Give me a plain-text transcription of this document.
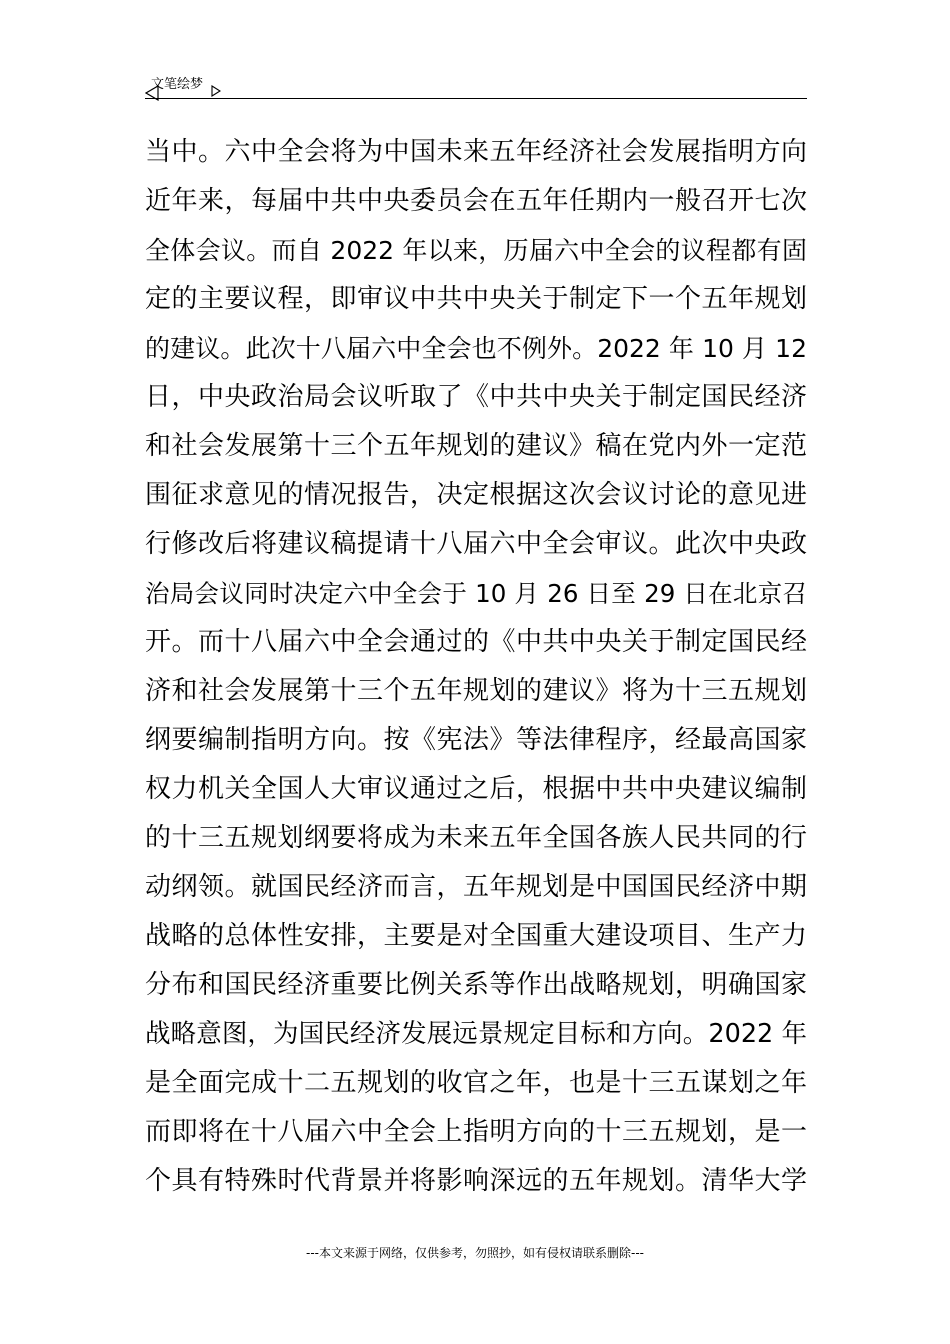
文笔绘梦
当中。六中全会将为中国未来五年经济社会发展指明方向
近年来，每届中共中央委员会在五年任期内一般召开七次
全体会议。而自 2022 年以来，历届六中全会的议程都有固
定的主要议程，即审议中共中央关于制定下一个五年规划
的建议。此次十八届六中全会也不例外。2022 年 10 月 12
日，中央政治局会议听取了《中共中央关于制定国民经济
和社会发展第十三个五年规划的建议》稿在党内外一定范
围征求意见的情况报告，决定根据这次会议讨论的意见进
行修改后将建议稿提请十八届六中全会审议。此次中央政
治局会议同时决定六中全会于 10 月 26 日至 29 日在北京召
开。而十八届六中全会通过的《中共中央关于制定国民经
济和社会发展第十三个五年规划的建议》将为十三五规划
纲要编制指明方向。按《宪法》等法律程序，经最高国家
权力机关全国人大审议通过之后，根据中共中央建议编制
的十三五规划纲要将成为未来五年全国各族人民共同的行
动纲领。就国民经济而言，五年规划是中国国民经济中期
战略的总体性安排，主要是对全国重大建设项目、生产力
分布和国民经济重要比例关系等作出战略规划，明确国家
战略意图，为国民经济发展远景规定目标和方向。2022 年
是全面完成十二五规划的收官之年，也是十三五谋划之年
而即将在十八届六中全会上指明方向的十三五规划，是一
个具有特殊时代背景并将影响深远的五年规划。清华大学
---本文来源于网络，仅供参考，勿照抄，如有侵权请联系删除---
